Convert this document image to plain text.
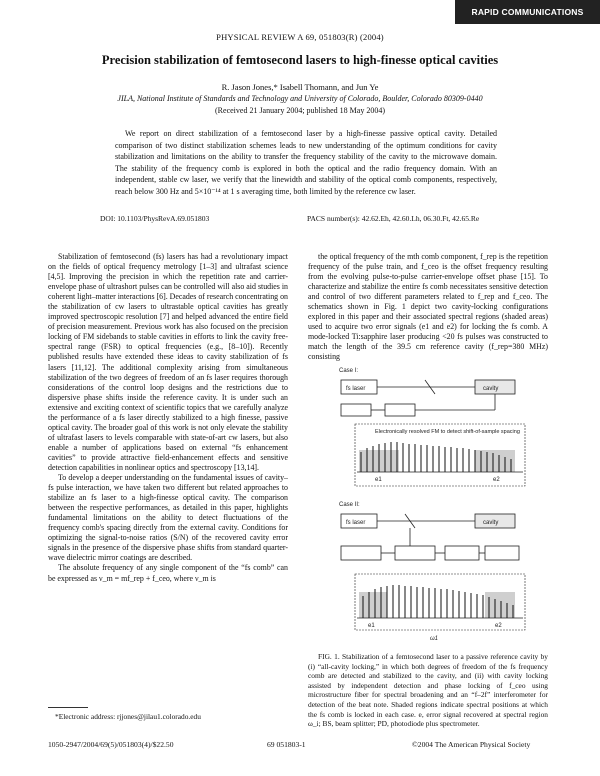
RAPID COMMUNICATIONS
PHYSICAL REVIEW A 69, 051803(R) (2004)
Precision stabilization of femtosecond lasers to high-finesse optical cavities
R. Jason Jones,* Isabell Thomann, and Jun Ye
JILA, National Institute of Standards and Technology and University of Colorado, Boulder, Colorado 80309-0440
(Received 21 January 2004; published 18 May 2004)
We report on direct stabilization of a femtosecond laser by a high-finesse passive optical cavity. Detailed comparison of two distinct stabilization schemes leads to new understanding of the optimum conditions for cavity stabilization and limitations on the ability to transfer the frequency stability of the cavity to the microwave domain. The stability of the frequency comb is explored in both the optical and the radio frequency domain. With an independent, stable cw laser, we verify that the linewidth and stability of the optical comb components, respectively, reach below 300 Hz and 5×10⁻¹⁴ at 1 s averaging time, both limited by the reference cw laser.
DOI: 10.1103/PhysRevA.69.051803	PACS number(s): 42.62.Eh, 42.60.Lh, 06.30.Ft, 42.65.Re

Stabilization of femtosecond (fs) lasers has had a revolutionary impact on the fields of optical frequency metrology [1–3] and ultrafast science [4,5]. Improving the precision in which the repetition rate and carrier-envelope phase of ultrashort pulses can be controlled will also aid studies in coherent light–matter interactions [6]. Decades of research concentrating on the stabilization of cw lasers to ultrastable optical cavities has greatly improved spectroscopic resolution [7] and helped advanced the entire field of precision measurement. Previous work has also focused on the precision locking of FM sidebands to stable cavities in efforts to link the cavity free-spectral range (FSR) to optical frequencies (e.g., [8–10]). Recently published results have extended these ideas to cavity stabilization of fs lasers [11,12]. The additional complexity arising from simultaneous stabilization of the two degrees of freedom of an fs laser requires thorough considerations of the control loop designs and the restrictions due to dispersive phase shifts inside the reference cavity. It is under such an extensive and exciting context of scientific topics that we carefully analyze the performance of a fs laser directly stabilized to a high finesse, passive optical cavity. The broader goal of this work is not only elevate the stability of ultrafast lasers to levels comparable with state-of-art cw lasers, but also enable a number of applications based on external “fs enhancement cavities” to provide attractive field-enhancement effects and sensitive detection capabilities in nonlinear optics and spectroscopy [13,14].

To develop a deeper understanding on the fundamental issues of cavity–fs pulse interaction, we have taken two different but related approaches to stabilize an fs laser to a high-finesse optical cavity. The comparison between the respective performances, as detailed in this paper, highlights fundamental limitations on the ability to detect fluctuations of the frequency comb's spacing directly from the external cavity. Conditions for optimizing the signal-to-noise ratios (S/N) of the recovered cavity error signals in the presence of the dispersive phase shifts from standard quarter-wave dielectric mirror coatings are described.

The absolute frequency of any single component of the “fs comb” can be expressed as ν_m = mf_rep + f_ceo, where ν_m is

the optical frequency of the mth comb component, f_rep is the repetition frequency of the pulse train, and f_ceo is the offset frequency resulting from the evolving pulse-to-pulse carrier-envelope offset phase [15]. To characterize and stabilize the entire fs comb necessitates sensitive detection and control of two different parameters related to f_rep and f_ceo. The schematics shown in Fig. 1 depict two cavity-locking configurations explored in this paper and their associated spectral regions (shaded areas) used to acquire two error signals (e1 and e2) for locking the fs comb. A mode-locked Ti:sapphire laser producing <20 fs pulses was constructed to match the length of the 39.5 cm reference cavity (f_rep=380 MHz) consisting

Case I:
fs laser	cavity
Electronically resolved FM to detect shift-of-sample spacing
e1	e2
Case II:
fs laser	cavity
e1	e2
ω1
FIG. 1. Stabilization of a femtosecond laser to a passive reference cavity by (i) “all-cavity locking,” in which both degrees of freedom of the fs frequency comb are detected and stabilized to the cavity, and (ii) with cavity locking assisted by independent detection and phase locking of f_ceo using microstructure fiber for spectral broadening and an “f–2f” interferometer for detection of the beat note. Shaded regions indicate spectral positions at which the fs comb is locked in each case. e, error signal recovered at spectral region ω_i; BS, beam splitter; PD, photodiode plus spectrometer.
*Electronic address: rjjones@jilau1.colorado.edu
1050-2947/2004/69(5)/051803(4)/$22.50	69 051803-1	©2004 The American Physical Society
